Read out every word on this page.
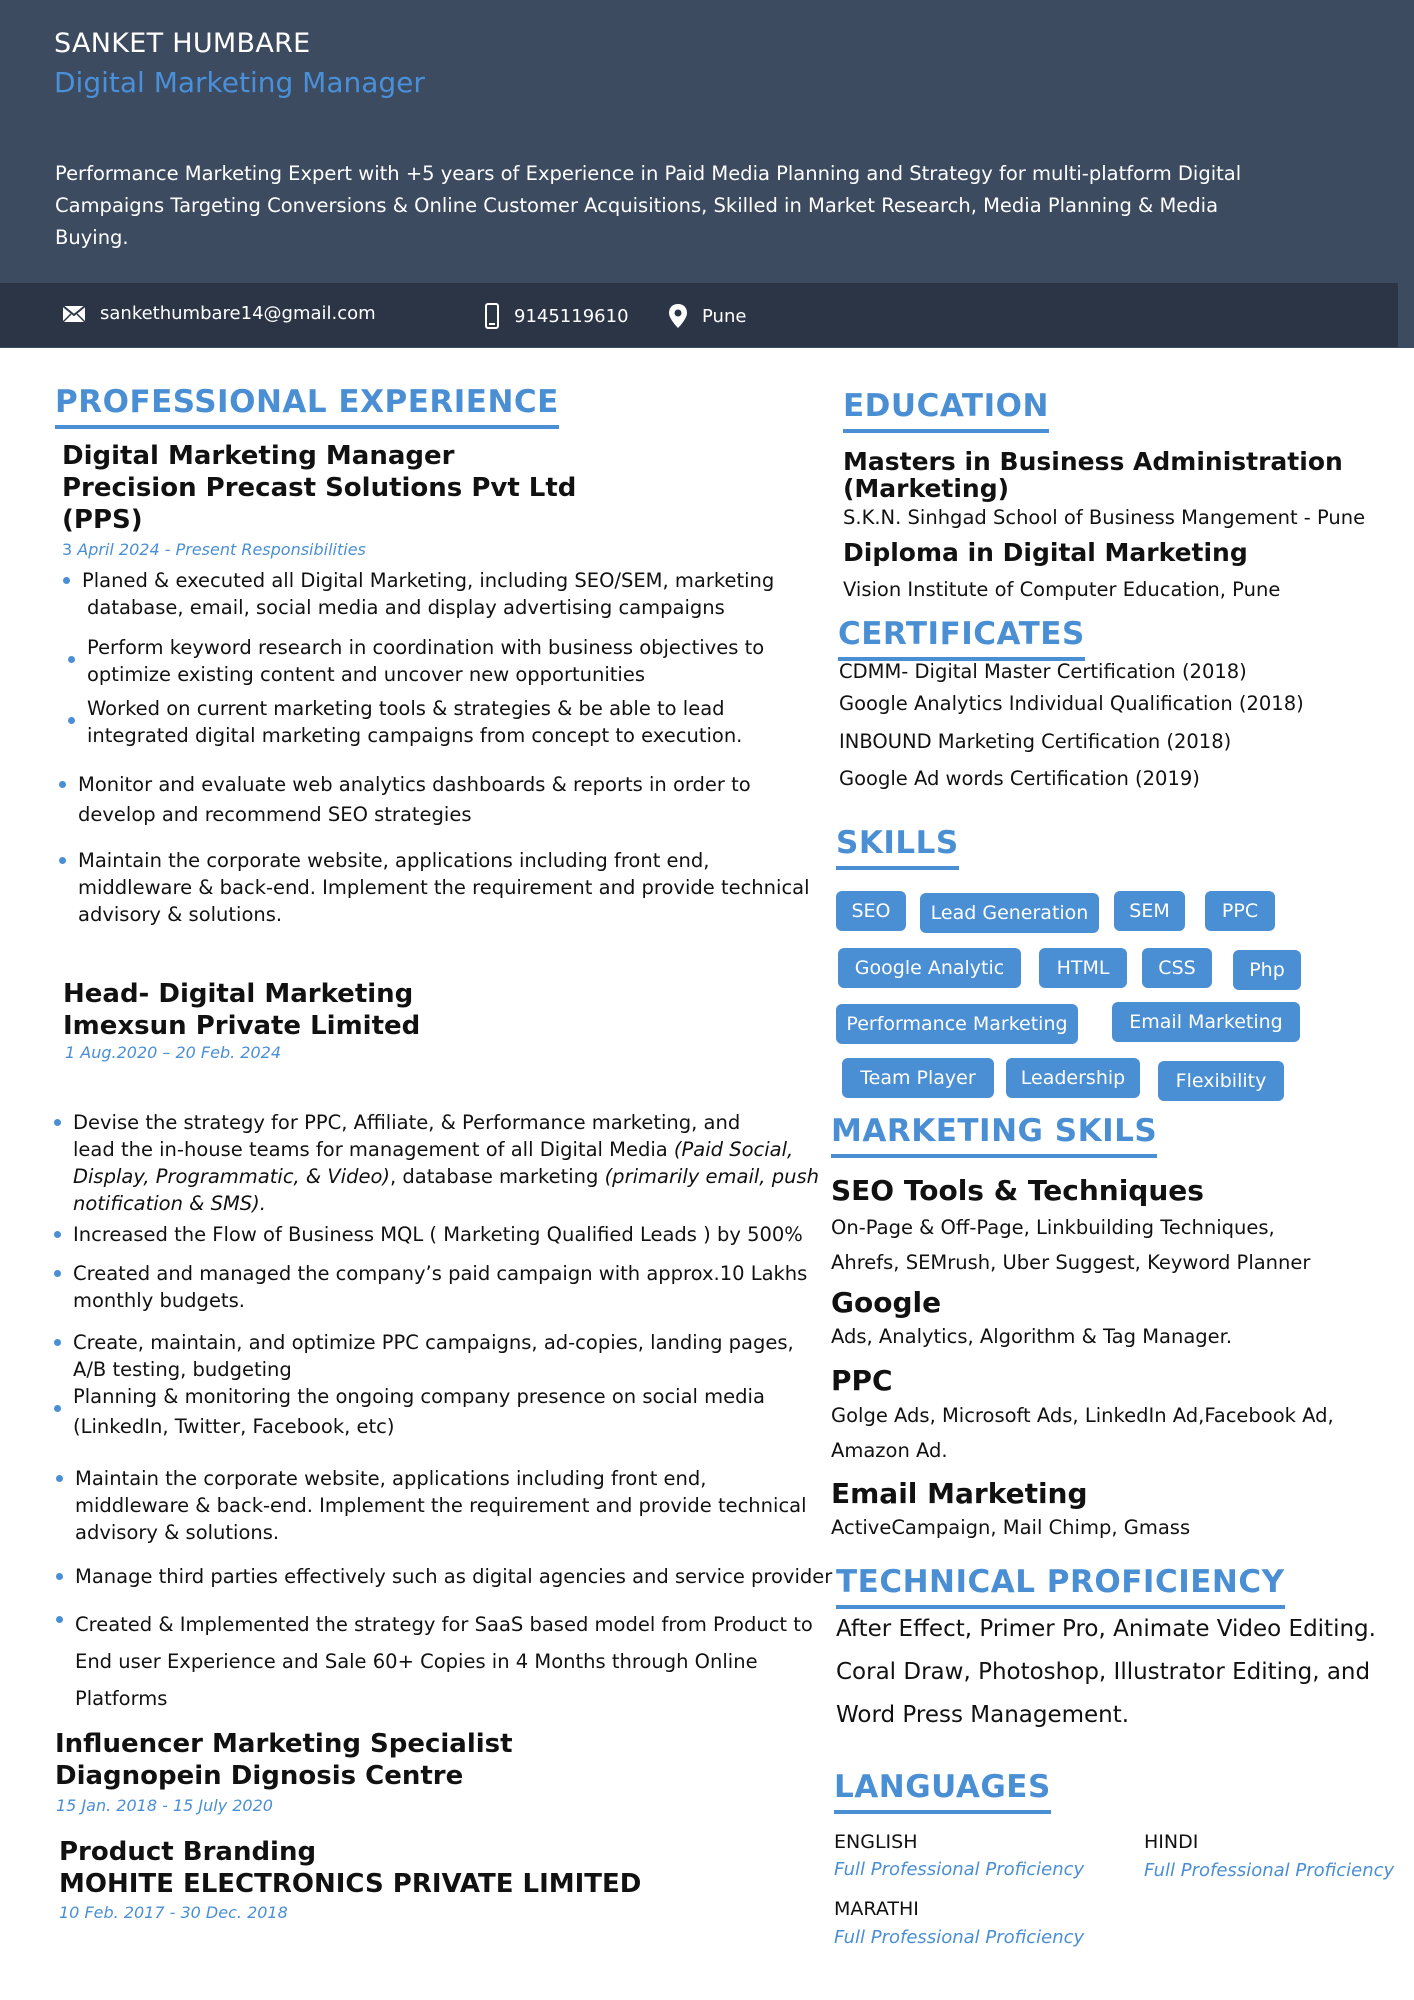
SANKET HUMBARE
Digital Marketing Manager
Performance Marketing Expert with +5 years of Experience in Paid Media Planning and Strategy for multi-platform Digital Campaigns Targeting Conversions & Online Customer Acquisitions, Skilled in Market Research, Media Planning & Media Buying.
sankethumbare14@gmail.com	9145119610	Pune
PROFESSIONAL EXPERIENCE
Digital Marketing Manager
Precision Precast Solutions Pvt Ltd
(PPS)
3 April 2024 - Present Responsibilities
Planed & executed all Digital Marketing, including SEO/SEM, marketing
database, email, social media and display advertising campaigns
Perform keyword research in coordination with business objectives to
optimize existing content and uncover new opportunities
Worked on current marketing tools & strategies & be able to lead
integrated digital marketing campaigns from concept to execution.
Monitor and evaluate web analytics dashboards & reports in order to
develop and recommend SEO strategies
Maintain the corporate website, applications including front end,
middleware & back-end. Implement the requirement and provide technical
advisory & solutions.
Head- Digital Marketing
Imexsun Private Limited
1 Aug.2020 – 20 Feb. 2024
Devise the strategy for PPC, Affiliate, & Performance marketing, and
lead the in-house teams for management of all Digital Media (Paid Social,
Display, Programmatic, & Video), database marketing (primarily email, push
notification & SMS).
Increased the Flow of Business MQL ( Marketing Qualified Leads ) by 500%
Created and managed the company’s paid campaign with approx.10 Lakhs
monthly budgets.
Create, maintain, and optimize PPC campaigns, ad-copies, landing pages,
A/B testing, budgeting
Planning & monitoring the ongoing company presence on social media
(LinkedIn, Twitter, Facebook, etc)
Maintain the corporate website, applications including front end,
middleware & back-end. Implement the requirement and provide technical
advisory & solutions.
Manage third parties effectively such as digital agencies and service provider
Created & Implemented the strategy for SaaS based model from Product to
End user Experience and Sale 60+ Copies in 4 Months through Online
Platforms
Influencer Marketing Specialist
Diagnopein Dignosis Centre
15 Jan. 2018 - 15 July 2020
Product Branding
MOHITE ELECTRONICS PRIVATE LIMITED
10 Feb. 2017 - 30 Dec. 2018
EDUCATION
Masters in Business Administration
(Marketing)
S.K.N. Sinhgad School of Business Mangement - Pune
Diploma in Digital Marketing
Vision Institute of Computer Education, Pune
CERTIFICATES
CDMM- Digital Master Certification (2018)
Google Analytics Individual Qualification (2018)
INBOUND Marketing Certification (2018)
Google Ad words Certification (2019)
SKILLS
SEO	Lead Generation	SEM	PPC
Google Analytic	HTML	CSS	Php
Performance Marketing	Email Marketing
Team Player	Leadership	Flexibility
MARKETING SKILS
SEO Tools & Techniques
On-Page & Off-Page, Linkbuilding Techniques,
Ahrefs, SEMrush, Uber Suggest, Keyword Planner
Google
Ads, Analytics, Algorithm & Tag Manager.
PPC
Golge Ads, Microsoft Ads, LinkedIn Ad,Facebook Ad,
Amazon Ad.
Email Marketing
ActiveCampaign, Mail Chimp, Gmass
TECHNICAL PROFICIENCY
After Effect, Primer Pro, Animate Video Editing.
Coral Draw, Photoshop, Illustrator Editing, and
Word Press Management.
LANGUAGES
ENGLISH
Full Professional Proficiency
HINDI
Full Professional Proficiency
MARATHI
Full Professional Proficiency
